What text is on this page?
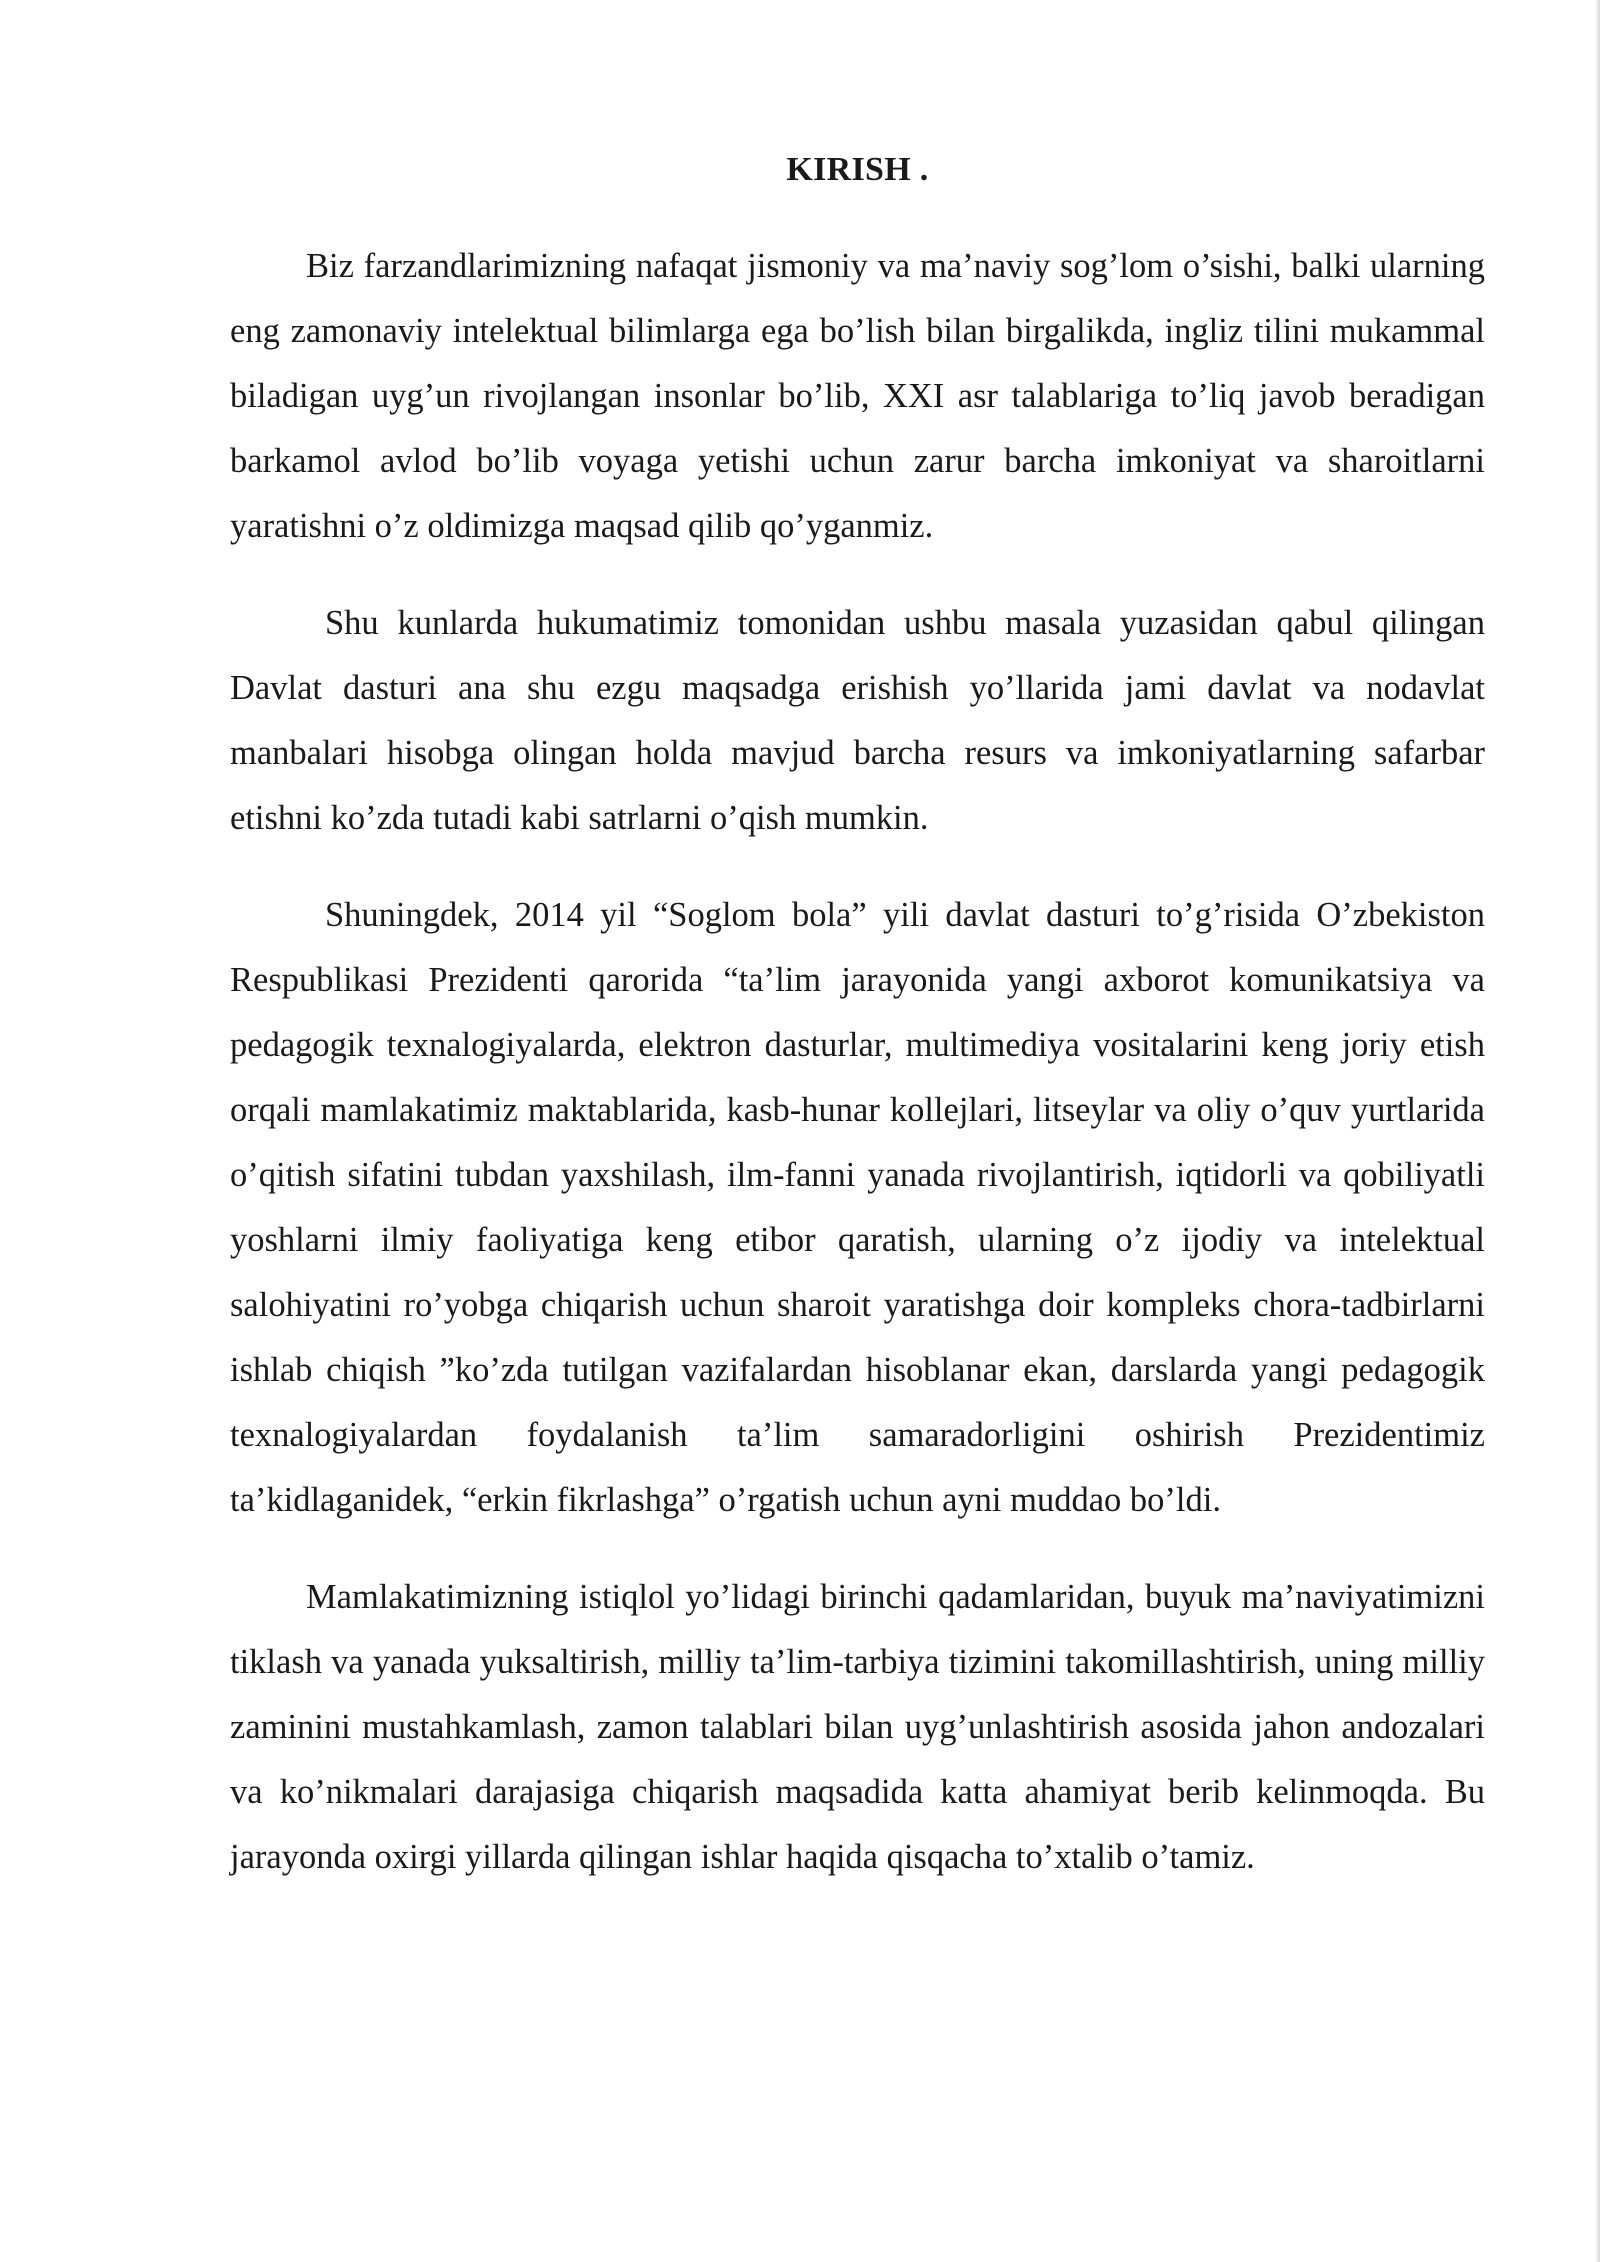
KIRISH .

Biz farzandlarimizning nafaqat jismoniy va ma’naviy sog’lom o’sishi, balki ularning eng zamonaviy intelektual bilimlarga ega bo’lish bilan birgalikda, ingliz tilini mukammal biladigan uyg’un rivojlangan insonlar bo’lib, XXI asr talablariga to’liq javob beradigan barkamol avlod bo’lib voyaga yetishi uchun zarur barcha imkoniyat va sharoitlarni yaratishni o’z oldimizga maqsad qilib qo’yganmiz.

Shu kunlarda hukumatimiz tomonidan ushbu masala yuzasidan qabul qilingan Davlat dasturi ana shu ezgu maqsadga erishish yo’llarida jami davlat va nodavlat manbalari hisobga olingan holda mavjud barcha resurs va imkoniyatlarning safarbar etishni ko’zda tutadi kabi satrlarni o’qish mumkin.

Shuningdek, 2014 yil “Soglom bola” yili davlat dasturi to’g’risida O’zbekiston Respublikasi Prezidenti qarorida “ta’lim jarayonida yangi axborot komunikatsiya va pedagogik texnalogiyalarda, elektron dasturlar, multimediya vositalarini keng joriy etish orqali mamlakatimiz maktablarida, kasb-hunar kollejlari, litseylar va oliy o’quv yurtlarida o’qitish sifatini tubdan yaxshilash, ilm-fanni yanada rivojlantirish, iqtidorli va qobiliyatli yoshlarni ilmiy faoliyatiga keng etibor qaratish, ularning o’z ijodiy va intelektual salohiyatini ro’yobga chiqarish uchun sharoit yaratishga doir kompleks chora-tadbirlarni ishlab chiqish ”ko’zda tutilgan vazifalardan hisoblanar ekan, darslarda yangi pedagogik texnalogiyalardan foydalanish ta’lim samaradorligini oshirish Prezidentimiz ta’kidlaganidek, “erkin fikrlashga” o’rgatish uchun ayni muddao bo’ldi.

Mamlakatimizning istiqlol yo’lidagi birinchi qadamlaridan, buyuk ma’naviyatimizni tiklash va yanada yuksaltirish, milliy ta’lim-tarbiya tizimini takomillashtirish, uning milliy zaminini mustahkamlash, zamon talablari bilan uyg’unlashtirish asosida jahon andozalari va ko’nikmalari darajasiga chiqarish maqsadida katta ahamiyat berib kelinmoqda. Bu jarayonda oxirgi yillarda qilingan ishlar haqida qisqacha to’xtalib o’tamiz.
